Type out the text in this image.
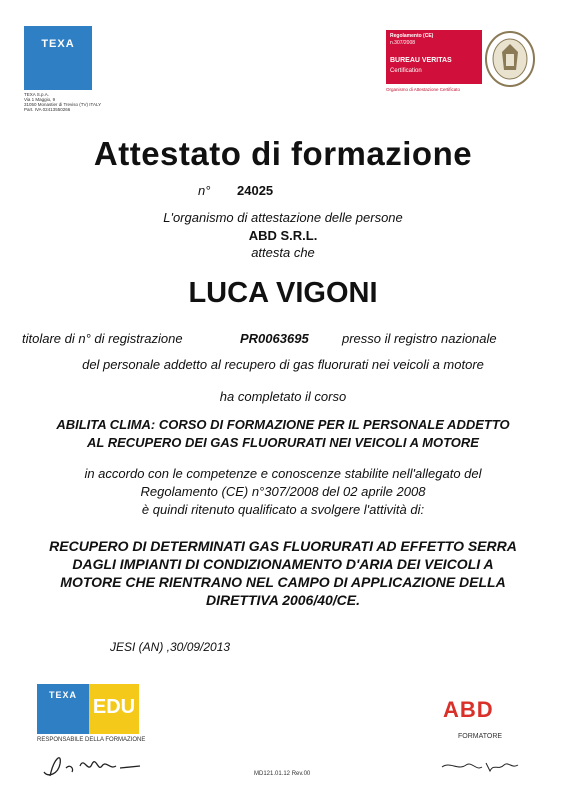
TEXA
TEXA S.p.A.
Via 1 Maggio, 9
31050 Monastier di Treviso (TV) ITALY
Part. IVA 02413550266
Regolamento (CE)
n.307/2008
BUREAU VERITAS
Certification
Organismo di Attestazione Certificato
Attestato di formazione
n° 24025
L'organismo di attestazione delle persone
ABD S.R.L.
attesta che
LUCA VIGONI
titolare di n° di registrazione	PR0063695	presso il registro nazionale
del personale addetto al recupero di gas fluorurati nei veicoli a motore
ha completato il corso
ABILITA CLIMA: CORSO DI FORMAZIONE PER IL PERSONALE ADDETTO
AL RECUPERO DEI GAS FLUORURATI NEI VEICOLI A MOTORE
in accordo con le competenze e conoscenze stabilite nell'allegato del
Regolamento (CE) n°307/2008 del 02 aprile 2008
è quindi ritenuto qualificato a svolgere l'attività di:
RECUPERO DI DETERMINATI GAS FLUORURATI AD EFFETTO SERRA
DAGLI IMPIANTI DI CONDIZIONAMENTO D'ARIA DEI VEICOLI A
MOTORE CHE RIENTRANO NEL CAMPO DI APPLICAZIONE DELLA
DIRETTIVA 2006/40/CE.
JESI (AN) ,30/09/2013
TEXA
EDU
RESPONSABILE DELLA FORMAZIONE
ABD
FORMATORE
MD121.01.12 Rev.00
